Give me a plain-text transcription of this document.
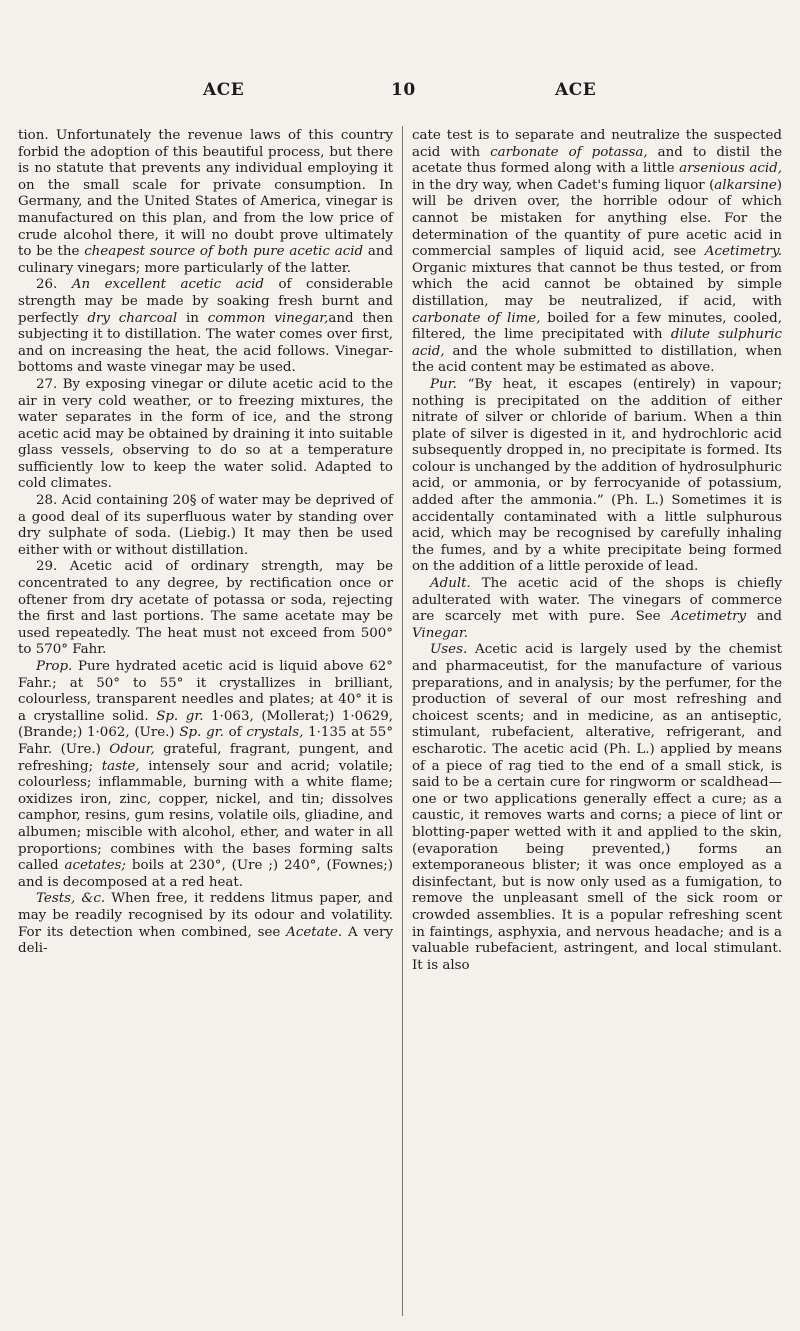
ACE	10	ACE

tion. Unfortunately the revenue laws of this country forbid the adoption of this beautiful process, but there is no statute that prevents any individual employing it on the small scale for private consumption. In Germany, and the United States of America, vinegar is manufactured on this plan, and from the low price of crude alcohol there, it will no doubt prove ultimately to be the cheapest source of both pure acetic acid and culinary vinegars; more particularly of the latter.

26. An excellent acetic acid of considerable strength may be made by soaking fresh burnt and perfectly dry charcoal in common vinegar,and then subjecting it to distillation. The water comes over first, and on increasing the heat, the acid follows. Vinegar-bottoms and waste vinegar may be used.

27. By exposing vinegar or dilute acetic acid to the air in very cold weather, or to freezing mixtures, the water separates in the form of ice, and the strong acetic acid may be obtained by draining it into suitable glass vessels, observing to do so at a temperature sufficiently low to keep the water solid. Adapted to cold climates.

28. Acid containing 20§ of water may be deprived of a good deal of its superfluous water by standing over dry sulphate of soda. (Liebig.) It may then be used either with or without distillation.

29. Acetic acid of ordinary strength, may be concentrated to any degree, by rectification once or oftener from dry acetate of potassa or soda, rejecting the first and last portions. The same acetate may be used repeatedly. The heat must not exceed from 500° to 570° Fahr.

Prop. Pure hydrated acetic acid is liquid above 62° Fahr.; at 50° to 55° it crystallizes in brilliant, colourless, transparent needles and plates; at 40° it is a crystalline solid. Sp. gr. 1·063, (Mollerat;) 1·0629, (Brande;) 1·062, (Ure.) Sp. gr. of crystals, 1·135 at 55° Fahr. (Ure.) Odour, grateful, fragrant, pungent, and refreshing; taste, intensely sour and acrid; volatile; colourless; inflammable, burning with a white flame; oxidizes iron, zinc, copper, nickel, and tin; dissolves camphor, resins, gum resins, volatile oils, gliadine, and albumen; miscible with alcohol, ether, and water in all proportions; combines with the bases forming salts called acetates; boils at 230°, (Ure ;) 240°, (Fownes;) and is decomposed at a red heat.

Tests, &c. When free, it reddens litmus paper, and may be readily recognised by its odour and volatility. For its detection when combined, see Acetate. A very deli-

cate test is to separate and neutralize the suspected acid with carbonate of potassa, and to distil the acetate thus formed along with a little arsenious acid, in the dry way, when Cadet's fuming liquor (alkarsine) will be driven over, the horrible odour of which cannot be mistaken for anything else. For the determination of the quantity of pure acetic acid in commercial samples of liquid acid, see Acetimetry. Organic mixtures that cannot be thus tested, or from which the acid cannot be obtained by simple distillation, may be neutralized, if acid, with carbonate of lime, boiled for a few minutes, cooled, filtered, the lime precipitated with dilute sulphuric acid, and the whole submitted to distillation, when the acid content may be estimated as above.

Pur. “By heat, it escapes (entirely) in vapour; nothing is precipitated on the addition of either nitrate of silver or chloride of barium. When a thin plate of silver is digested in it, and hydrochloric acid subsequently dropped in, no precipitate is formed. Its colour is unchanged by the addition of hydrosulphuric acid, or ammonia, or by ferrocyanide of potassium, added after the ammonia.” (Ph. L.) Sometimes it is accidentally contaminated with a little sulphurous acid, which may be recognised by carefully inhaling the fumes, and by a white precipitate being formed on the addition of a little peroxide of lead.

Adult. The acetic acid of the shops is chiefly adulterated with water. The vinegars of commerce are scarcely met with pure. See Acetimetry and Vinegar.

Uses. Acetic acid is largely used by the chemist and pharmaceutist, for the manufacture of various preparations, and in analysis; by the perfumer, for the production of several of our most refreshing and choicest scents; and in medicine, as an antiseptic, stimulant, rubefacient, alterative, refrigerant, and escharotic. The acetic acid (Ph. L.) applied by means of a piece of rag tied to the end of a small stick, is said to be a certain cure for ringworm or scaldhead—one or two applications generally effect a cure; as a caustic, it removes warts and corns; a piece of lint or blotting-paper wetted with it and applied to the skin, (evaporation being prevented,) forms an extemporaneous blister; it was once employed as a disinfectant, but is now only used as a fumigation, to remove the unpleasant smell of the sick room or crowded assemblies. It is a popular refreshing scent in faintings, asphyxia, and nervous headache; and is a valuable rubefacient, astringent, and local stimulant. It is also
